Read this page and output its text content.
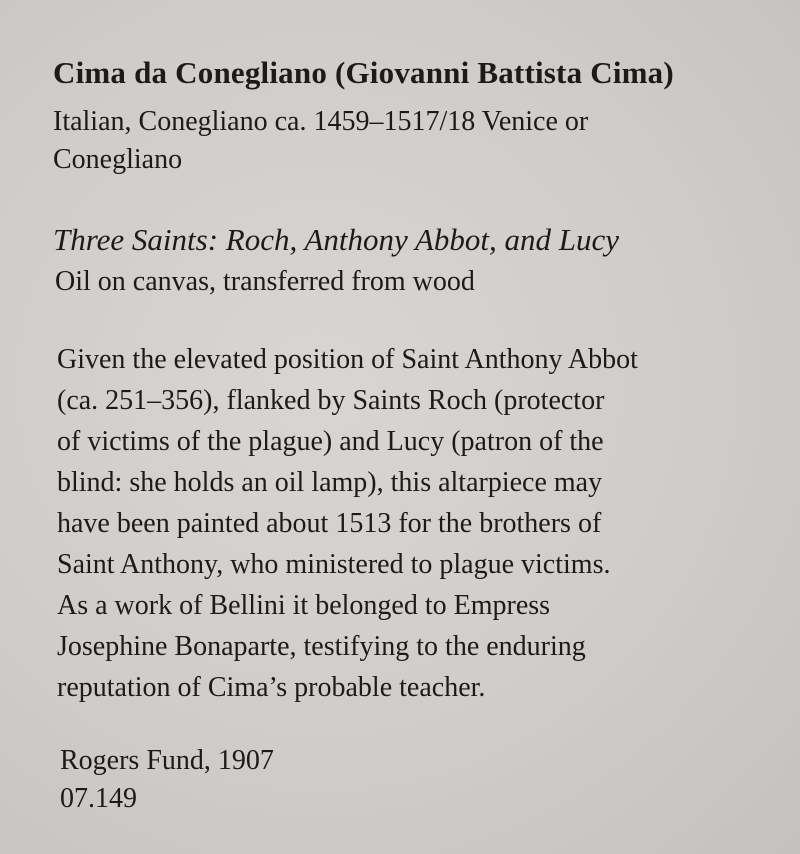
Cima da Conegliano (Giovanni Battista Cima)
Italian, Conegliano ca. 1459–1517/18 Venice or
Conegliano
Three Saints: Roch, Anthony Abbot, and Lucy
Oil on canvas, transferred from wood
Given the elevated position of Saint Anthony Abbot
(ca. 251–356), flanked by Saints Roch (protector
of victims of the plague) and Lucy (patron of the
blind: she holds an oil lamp), this altarpiece may
have been painted about 1513 for the brothers of
Saint Anthony, who ministered to plague victims.
As a work of Bellini it belonged to Empress
Josephine Bonaparte, testifying to the enduring
reputation of Cima’s probable teacher.
Rogers Fund, 1907
07.149
